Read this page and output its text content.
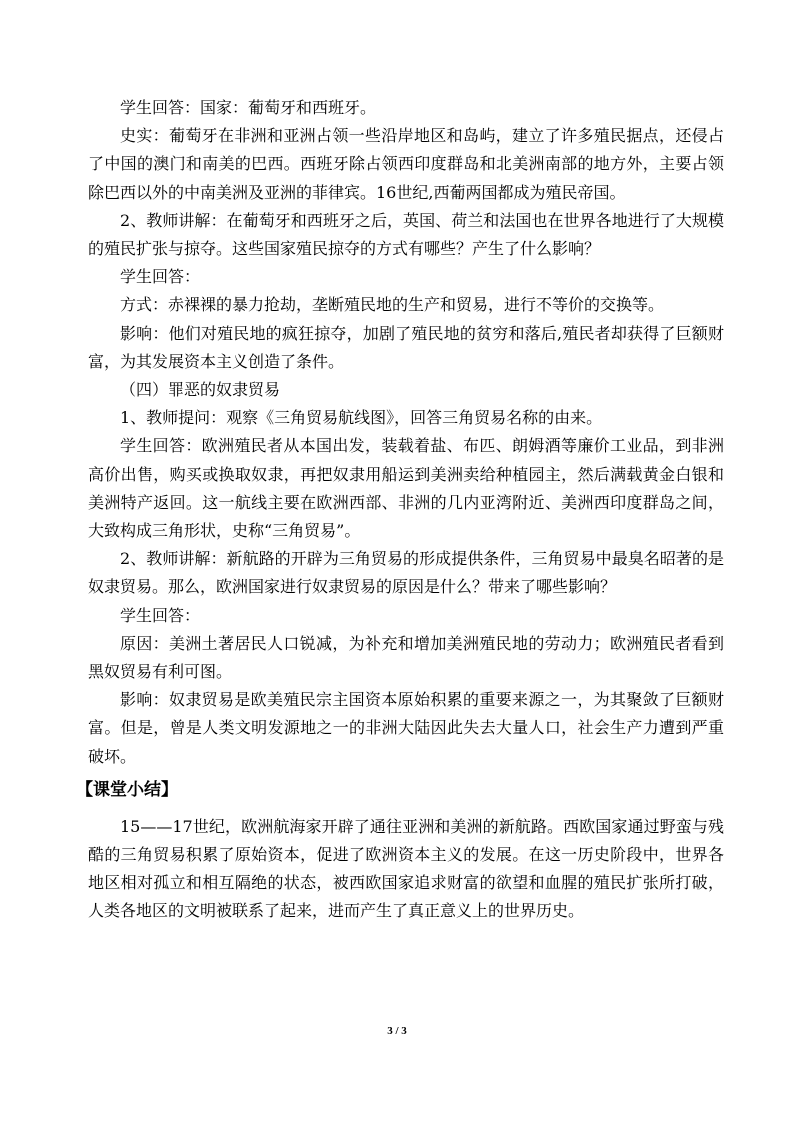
学生回答：国家：葡萄牙和西班牙。

史实：葡萄牙在非洲和亚洲占领一些沿岸地区和岛屿，建立了许多殖民据点，还侵占了中国的澳门和南美的巴西。西班牙除占领西印度群岛和北美洲南部的地方外，主要占领除巴西以外的中南美洲及亚洲的菲律宾。16世纪,西葡两国都成为殖民帝国。

2、教师讲解：在葡萄牙和西班牙之后，英国、荷兰和法国也在世界各地进行了大规模的殖民扩张与掠夺。这些国家殖民掠夺的方式有哪些？产生了什么影响？

学生回答：

方式：赤裸裸的暴力抢劫，垄断殖民地的生产和贸易，进行不等价的交换等。

影响：他们对殖民地的疯狂掠夺，加剧了殖民地的贫穷和落后,殖民者却获得了巨额财富，为其发展资本主义创造了条件。

（四）罪恶的奴隶贸易

1、教师提问：观察《三角贸易航线图》，回答三角贸易名称的由来。

学生回答：欧洲殖民者从本国出发，装载着盐、布匹、朗姆酒等廉价工业品，到非洲高价出售，购买或换取奴隶，再把奴隶用船运到美洲卖给种植园主，然后满载黄金白银和美洲特产返回。这一航线主要在欧洲西部、非洲的几内亚湾附近、美洲西印度群岛之间，大致构成三角形状，史称“三角贸易”。

2、教师讲解：新航路的开辟为三角贸易的形成提供条件，三角贸易中最臭名昭著的是奴隶贸易。那么，欧洲国家进行奴隶贸易的原因是什么？带来了哪些影响？

学生回答：

原因：美洲土著居民人口锐减，为补充和增加美洲殖民地的劳动力；欧洲殖民者看到黑奴贸易有利可图。

影响：奴隶贸易是欧美殖民宗主国资本原始积累的重要来源之一，为其聚敛了巨额财富。但是，曾是人类文明发源地之一的非洲大陆因此失去大量人口，社会生产力遭到严重破坏。

【课堂小结】

15——17世纪，欧洲航海家开辟了通往亚洲和美洲的新航路。西欧国家通过野蛮与残酷的三角贸易积累了原始资本，促进了欧洲资本主义的发展。在这一历史阶段中，世界各地区相对孤立和相互隔绝的状态，被西欧国家追求财富的欲望和血腥的殖民扩张所打破，人类各地区的文明被联系了起来，进而产生了真正意义上的世界历史。

3 / 3
